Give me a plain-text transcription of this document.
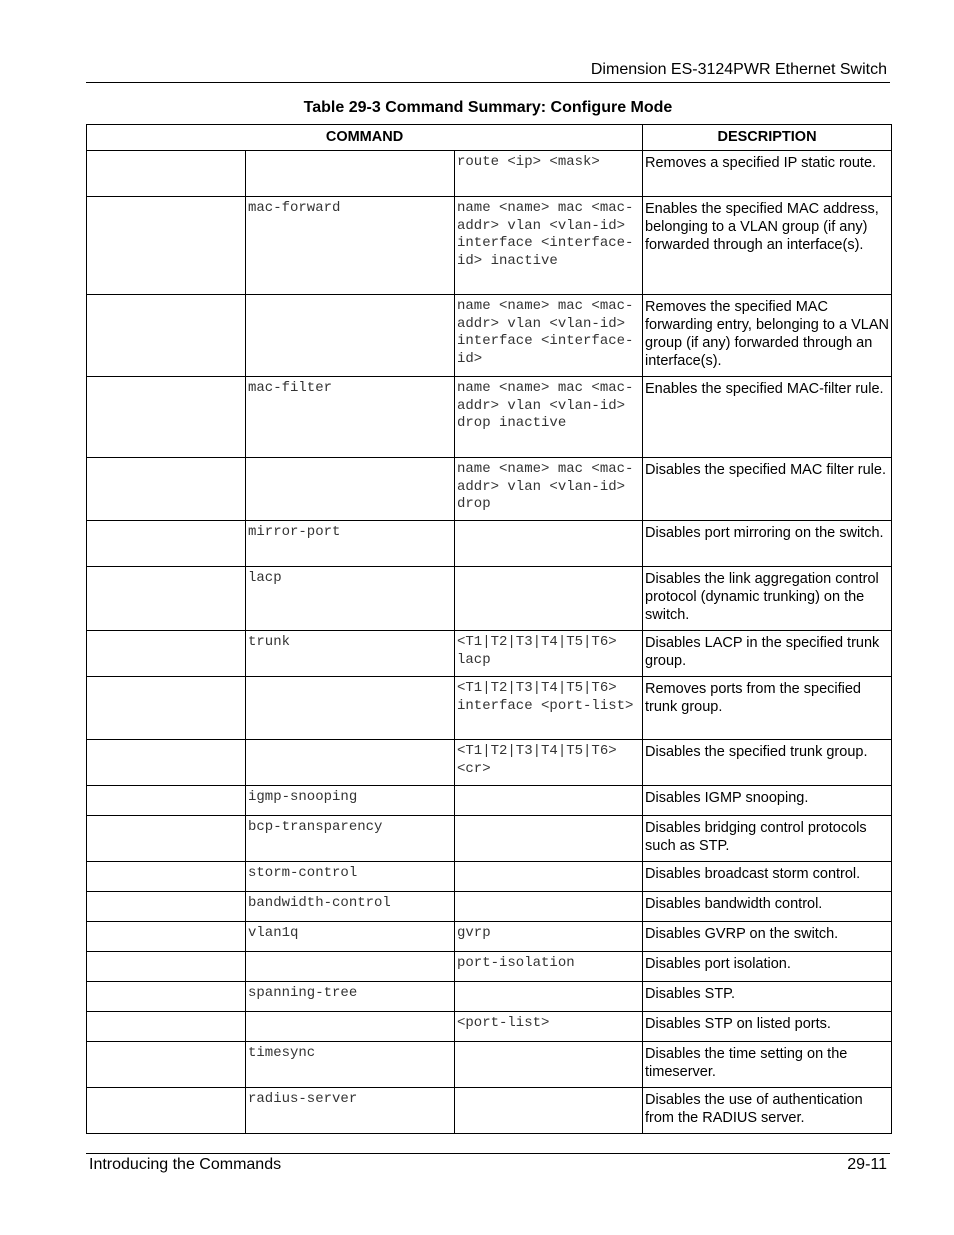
Dimension ES-3124PWR Ethernet Switch
Table 29-3 Command Summary: Configure Mode
COMMAND			DESCRIPTION
		route <ip> <mask>	Removes a specified IP static route.
	mac-forward	name <name> mac <mac-addr> vlan <vlan-id> interface <interface-id> inactive	Enables the specified MAC address, belonging to a VLAN group (if any) forwarded through an interface(s).
		name <name> mac <mac-addr> vlan <vlan-id> interface <interface-id>	Removes the specified MAC forwarding entry, belonging to a VLAN group (if any) forwarded through an interface(s).
	mac-filter	name <name> mac <mac-addr> vlan <vlan-id> drop inactive	Enables the specified MAC-filter rule.
		name <name> mac <mac-addr> vlan <vlan-id> drop	Disables the specified MAC filter rule.
	mirror-port		Disables port mirroring on the switch.
	lacp		Disables the link aggregation control protocol (dynamic trunking) on the switch.
	trunk	<T1|T2|T3|T4|T5|T6> lacp	Disables LACP in the specified trunk group.
		<T1|T2|T3|T4|T5|T6> interface <port-list>	Removes ports from the specified trunk group.
		<T1|T2|T3|T4|T5|T6> <cr>	Disables the specified trunk group.
	igmp-snooping		Disables IGMP snooping.
	bcp-transparency		Disables bridging control protocols such as STP.
	storm-control		Disables broadcast storm control.
	bandwidth-control		Disables bandwidth control.
	vlan1q	gvrp	Disables GVRP on the switch.
		port-isolation	Disables port isolation.
	spanning-tree		Disables STP.
		<port-list>	Disables STP on listed ports.
	timesync		Disables the time setting on the timeserver.
	radius-server		Disables the use of authentication from the RADIUS server.
Introducing the Commands	29-11
